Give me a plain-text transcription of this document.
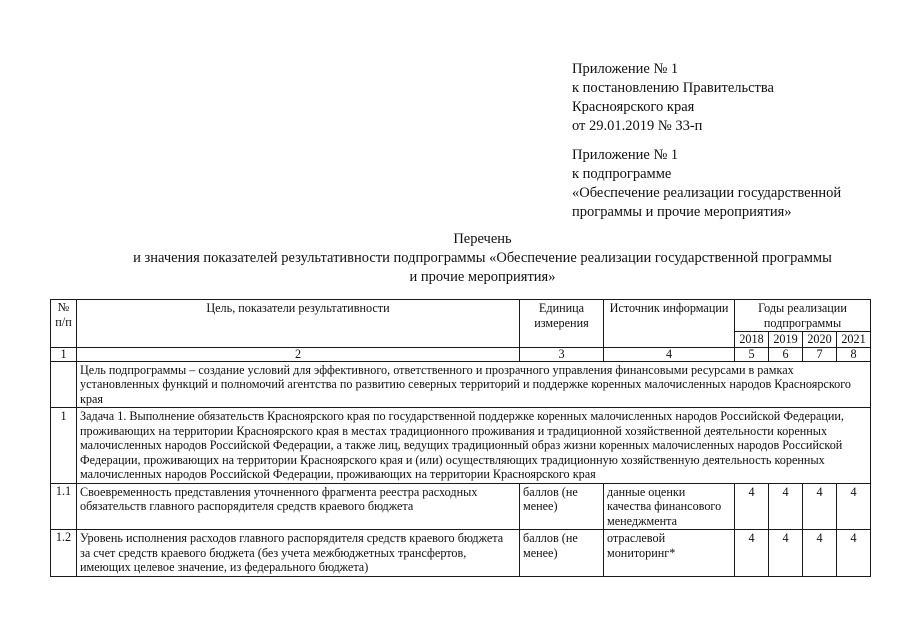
Приложение № 1
к постановлению Правительства
Красноярского края
от 29.01.2019 № 33-п
Приложение № 1
к подпрограмме
«Обеспечение реализации государственной
программы и прочие мероприятия»
Перечень
и значения показателей результативности подпрограммы «Обеспечение реализации государственной программы
и прочие мероприятия»
№ п/п	Цель, показатели результативности	Единица измерения	Источник информации	Годы реализации подпрограммы			
				2018	2019	2020	2021
1	2	3	4	5	6	7	8
	Цель подпрограммы – создание условий для эффективного, ответственного и прозрачного управления финансовыми ресурсами в рамках установленных функций и полномочий агентства по развитию северных территорий и поддержке коренных малочисленных народов Красноярского края						
1	Задача 1. Выполнение обязательств Красноярского края по государственной поддержке коренных малочисленных народов Российской Федерации, проживающих на территории Красноярского края в местах традиционного проживания и традиционной хозяйственной деятельности коренных малочисленных народов Российской Федерации, а также лиц, ведущих традиционный образ жизни коренных малочисленных народов Российской Федерации, проживающих на территории Красноярского края и (или) осуществляющих традиционную хозяйственную деятельность коренных малочисленных народов Российской Федерации, проживающих на территории Красноярского края						
1.1	Своевременность представления уточненного фрагмента реестра расходных обязательств главного распорядителя средств краевого бюджета	баллов (не менее)	данные оценки качества финансового менеджмента	4	4	4	4
1.2	Уровень исполнения расходов главного распорядителя средств краевого бюджета за счет средств краевого бюджета (без учета межбюджетных трансфертов, имеющих целевое значение, из федерального бюджета)	баллов (не менее)	отраслевой мониторинг*	4	4	4	4
